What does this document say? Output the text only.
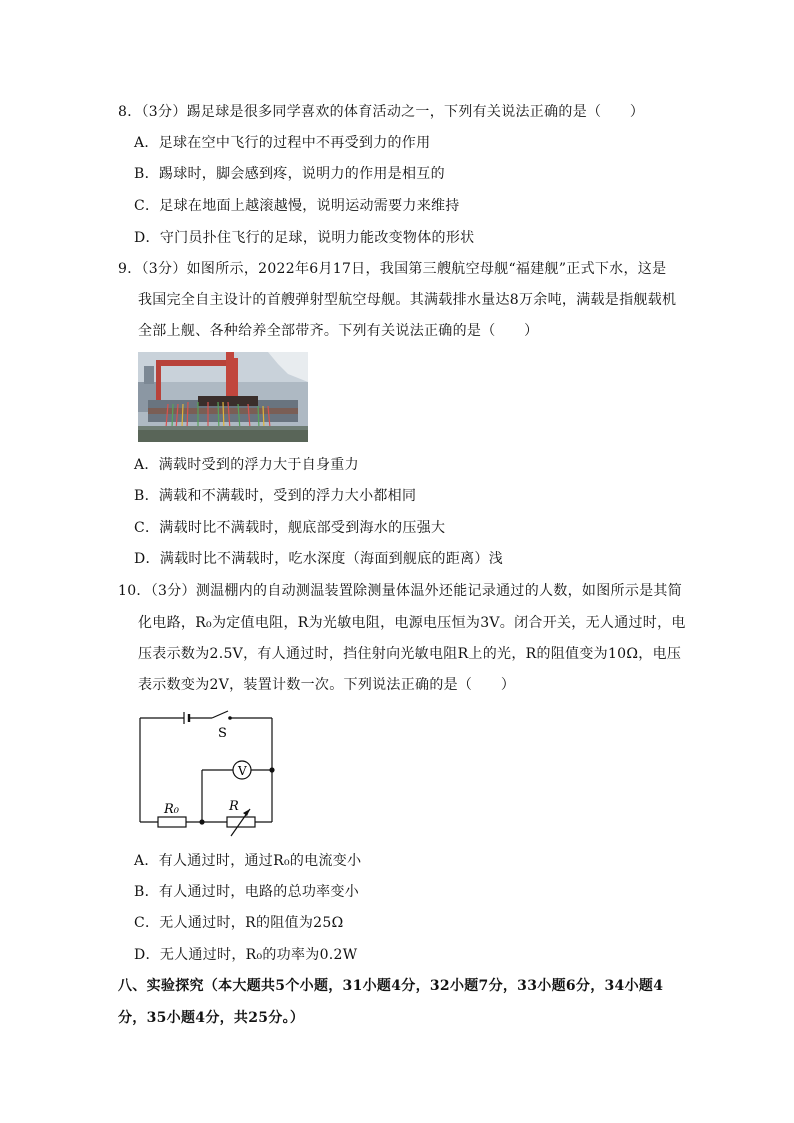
8．（3分）踢足球是很多同学喜欢的体育活动之一，下列有关说法正确的是（　　）
A．足球在空中飞行的过程中不再受到力的作用
B．踢球时，脚会感到疼，说明力的作用是相互的
C．足球在地面上越滚越慢，说明运动需要力来维持
D．守门员扑住飞行的足球，说明力能改变物体的形状
9．（3分）如图所示，2022年6月17日，我国第三艘航空母舰“福建舰”正式下水，这是
我国完全自主设计的首艘弹射型航空母舰。其满载排水量达8万余吨，满载是指舰载机
全部上舰、各种给养全部带齐。下列有关说法正确的是（　　）
A．满载时受到的浮力大于自身重力
B．满载和不满载时，受到的浮力大小都相同
C．满载时比不满载时，舰底部受到海水的压强大
D．满载时比不满载时，吃水深度（海面到舰底的距离）浅
10．（3分）测温棚内的自动测温装置除测量体温外还能记录通过的人数，如图所示是其简
化电路，R₀为定值电阻，R为光敏电阻，电源电压恒为3V。闭合开关，无人通过时，电
压表示数为2.5V，有人通过时，挡住射向光敏电阻R上的光，R的阻值变为10Ω，电压
表示数变为2V，装置计数一次。下列说法正确的是（　　）
S
V
R₀	R
A．有人通过时，通过R₀的电流变小
B．有人通过时，电路的总功率变小
C．无人通过时，R的阻值为25Ω
D．无人通过时，R₀的功率为0.2W
八、实验探究（本大题共5个小题，31小题4分，32小题7分，33小题6分，34小题4
分，35小题4分，共25分。）
